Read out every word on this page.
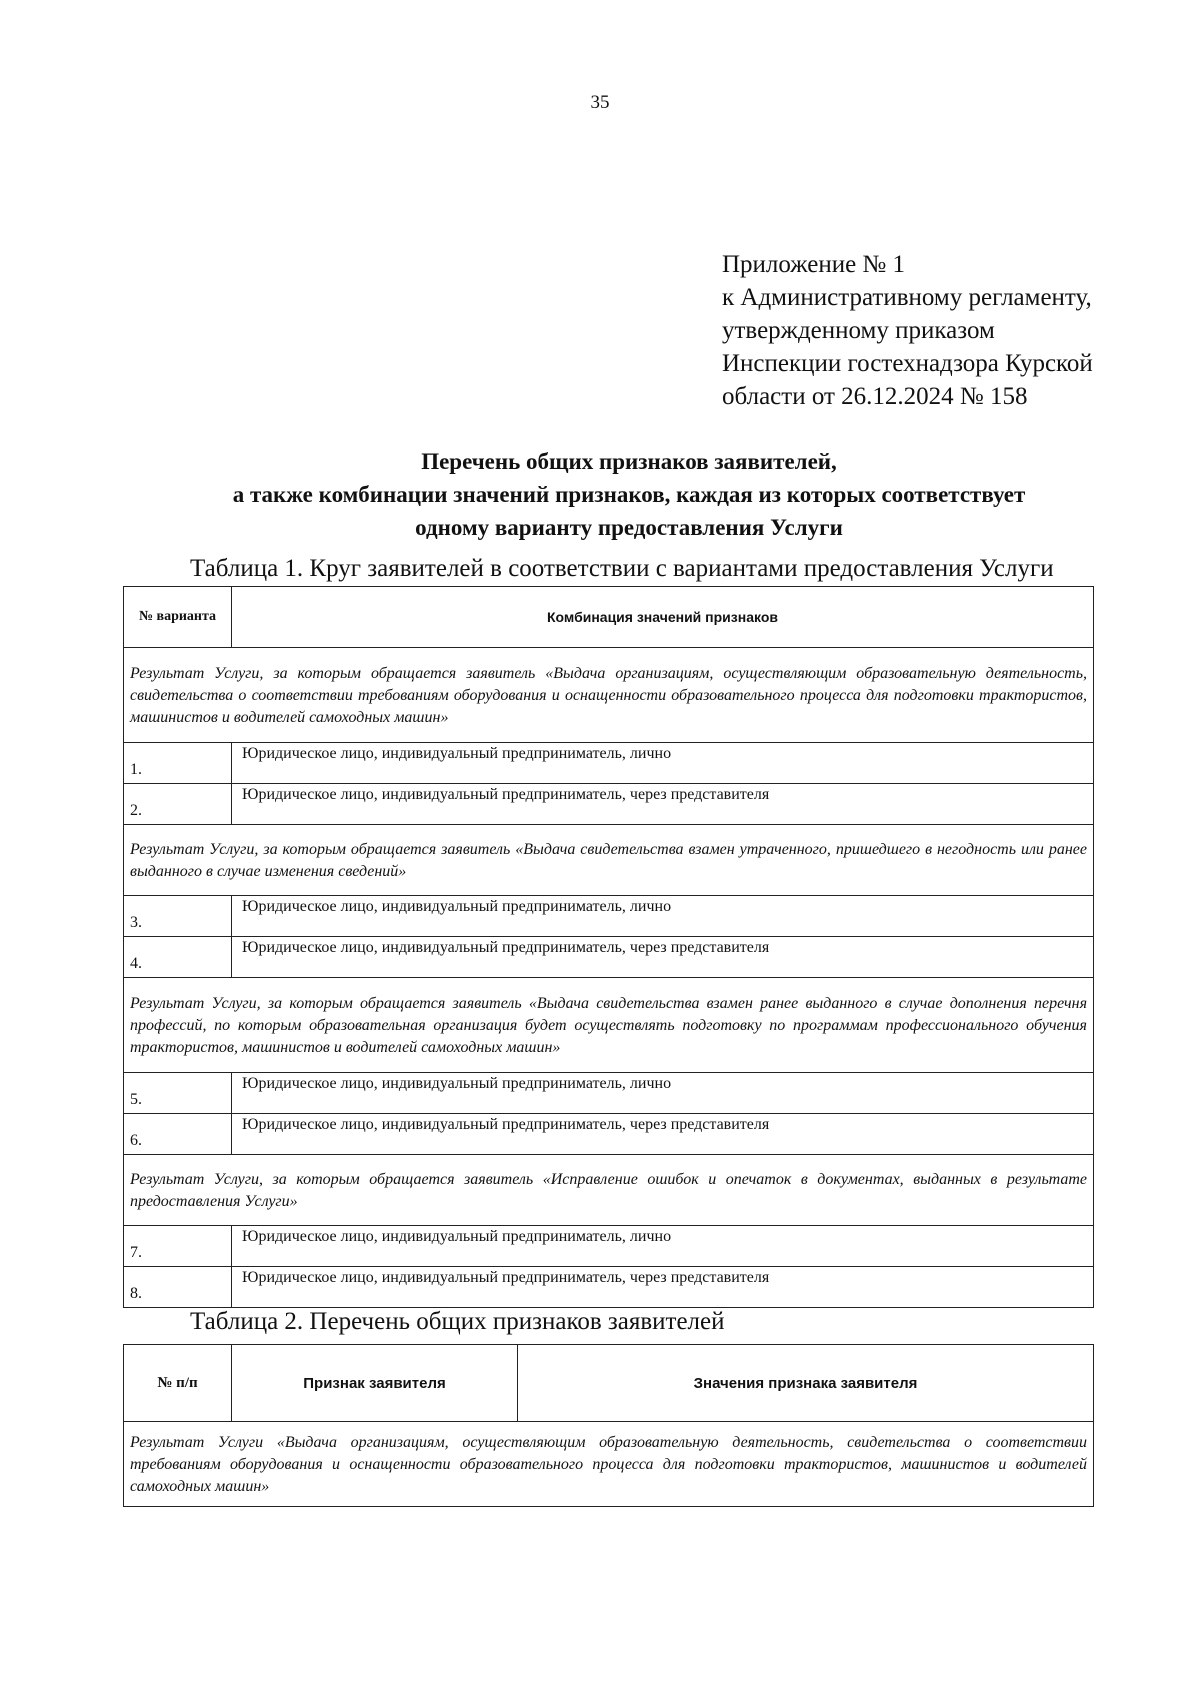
35
Приложение № 1
к Административному регламенту,
утвержденному приказом
Инспекции гостехнадзора Курской
области от 26.12.2024 № 158
Перечень общих признаков заявителей,
а также комбинации значений признаков, каждая из которых соответствует
одному варианту предоставления Услуги
Таблица 1. Круг заявителей в соответствии с вариантами предоставления Услуги
№ варианта	Комбинация значений признаков
Результат Услуги, за которым обращается заявитель «Выдача организациям, осуществляющим образовательную деятельность, свидетельства о соответствии требованиям оборудования и оснащенности образовательного процесса для подготовки трактористов, машинистов и водителей самоходных машин»	
1.	Юридическое лицо, индивидуальный предприниматель, лично
2.	Юридическое лицо, индивидуальный предприниматель, через представителя
Результат Услуги, за которым обращается заявитель «Выдача свидетельства взамен утраченного, пришедшего в негодность или ранее выданного в случае изменения сведений»	
3.	Юридическое лицо, индивидуальный предприниматель, лично
4.	Юридическое лицо, индивидуальный предприниматель, через представителя
Результат Услуги, за которым обращается заявитель «Выдача свидетельства взамен ранее выданного в случае дополнения перечня профессий, по которым образовательная организация будет осуществлять подготовку по программам профессионального обучения трактористов, машинистов и водителей самоходных машин»	
5.	Юридическое лицо, индивидуальный предприниматель, лично
6.	Юридическое лицо, индивидуальный предприниматель, через представителя
Результат Услуги, за которым обращается заявитель «Исправление ошибок и опечаток в документах, выданных в результате предоставления Услуги»	
7.	Юридическое лицо, индивидуальный предприниматель, лично
8.	Юридическое лицо, индивидуальный предприниматель, через представителя
Таблица 2. Перечень общих признаков заявителей
№ п/п	Признак заявителя	Значения признака заявителя
Результат Услуги «Выдача организациям, осуществляющим образовательную деятельность, свидетельства о соответствии требованиям оборудования и оснащенности образовательного процесса для подготовки трактористов, машинистов и водителей самоходных машин»
